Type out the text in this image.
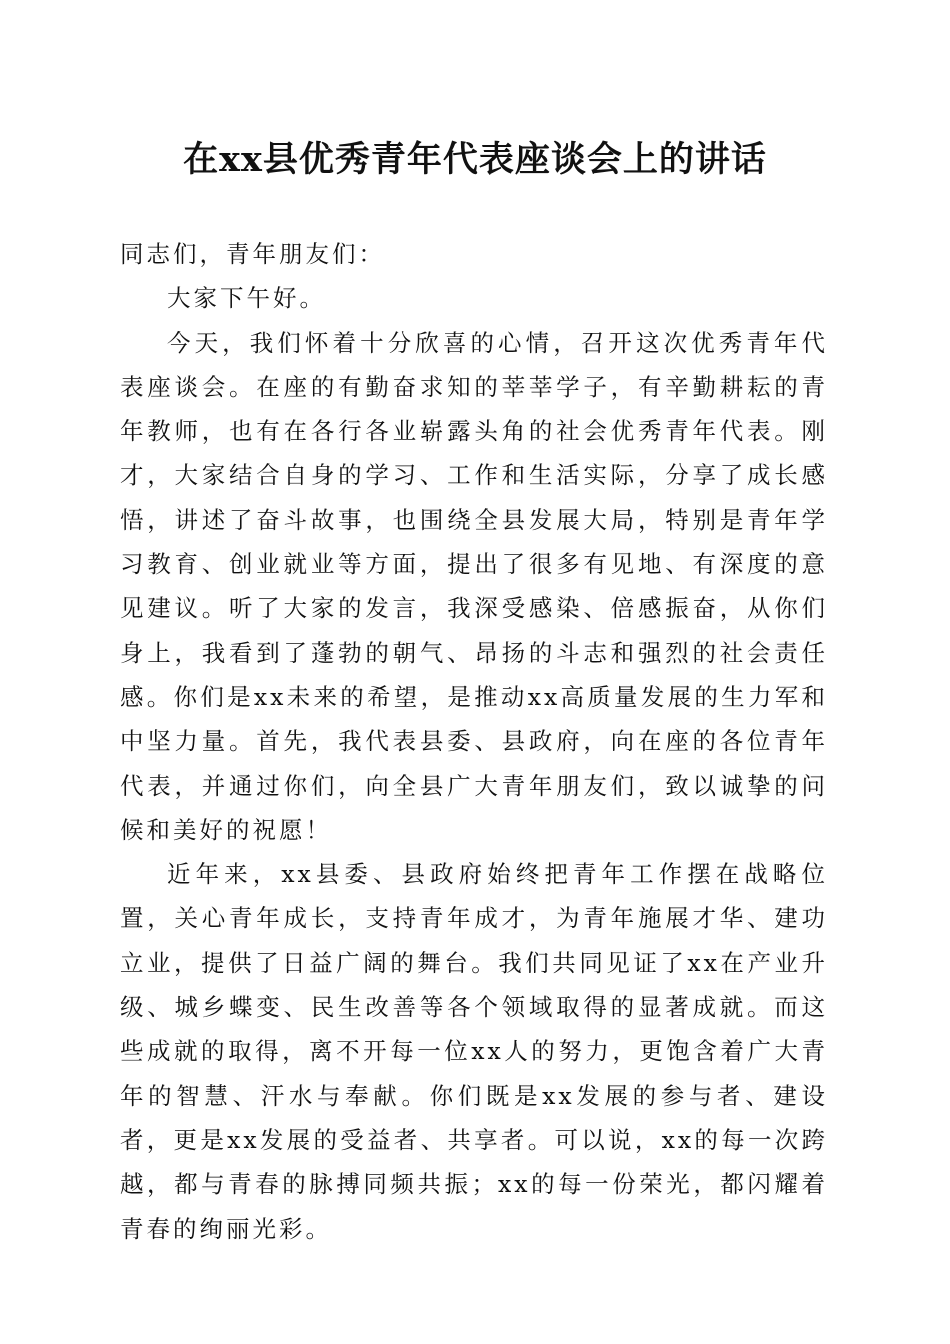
在xx县优秀青年代表座谈会上的讲话

同志们，青年朋友们：

大家下午好。

今天，我们怀着十分欣喜的心情，召开这次优秀青年代表座谈会。在座的有勤奋求知的莘莘学子，有辛勤耕耘的青年教师，也有在各行各业崭露头角的社会优秀青年代表。刚才，大家结合自身的学习、工作和生活实际，分享了成长感悟，讲述了奋斗故事，也围绕全县发展大局，特别是青年学习教育、创业就业等方面，提出了很多有见地、有深度的意见建议。听了大家的发言，我深受感染、倍感振奋，从你们身上，我看到了蓬勃的朝气、昂扬的斗志和强烈的社会责任感。你们是xx未来的希望，是推动xx高质量发展的生力军和中坚力量。首先，我代表县委、县政府，向在座的各位青年代表，并通过你们，向全县广大青年朋友们，致以诚挚的问候和美好的祝愿！

近年来，xx县委、县政府始终把青年工作摆在战略位置，关心青年成长，支持青年成才，为青年施展才华、建功立业，提供了日益广阔的舞台。我们共同见证了xx在产业升级、城乡蝶变、民生改善等各个领域取得的显著成就。而这些成就的取得，离不开每一位xx人的努力，更饱含着广大青年的智慧、汗水与奉献。你们既是xx发展的参与者、建设者，更是xx发展的受益者、共享者。可以说，xx的每一次跨越，都与青春的脉搏同频共振；xx的每一份荣光，都闪耀着青春的绚丽光彩。
